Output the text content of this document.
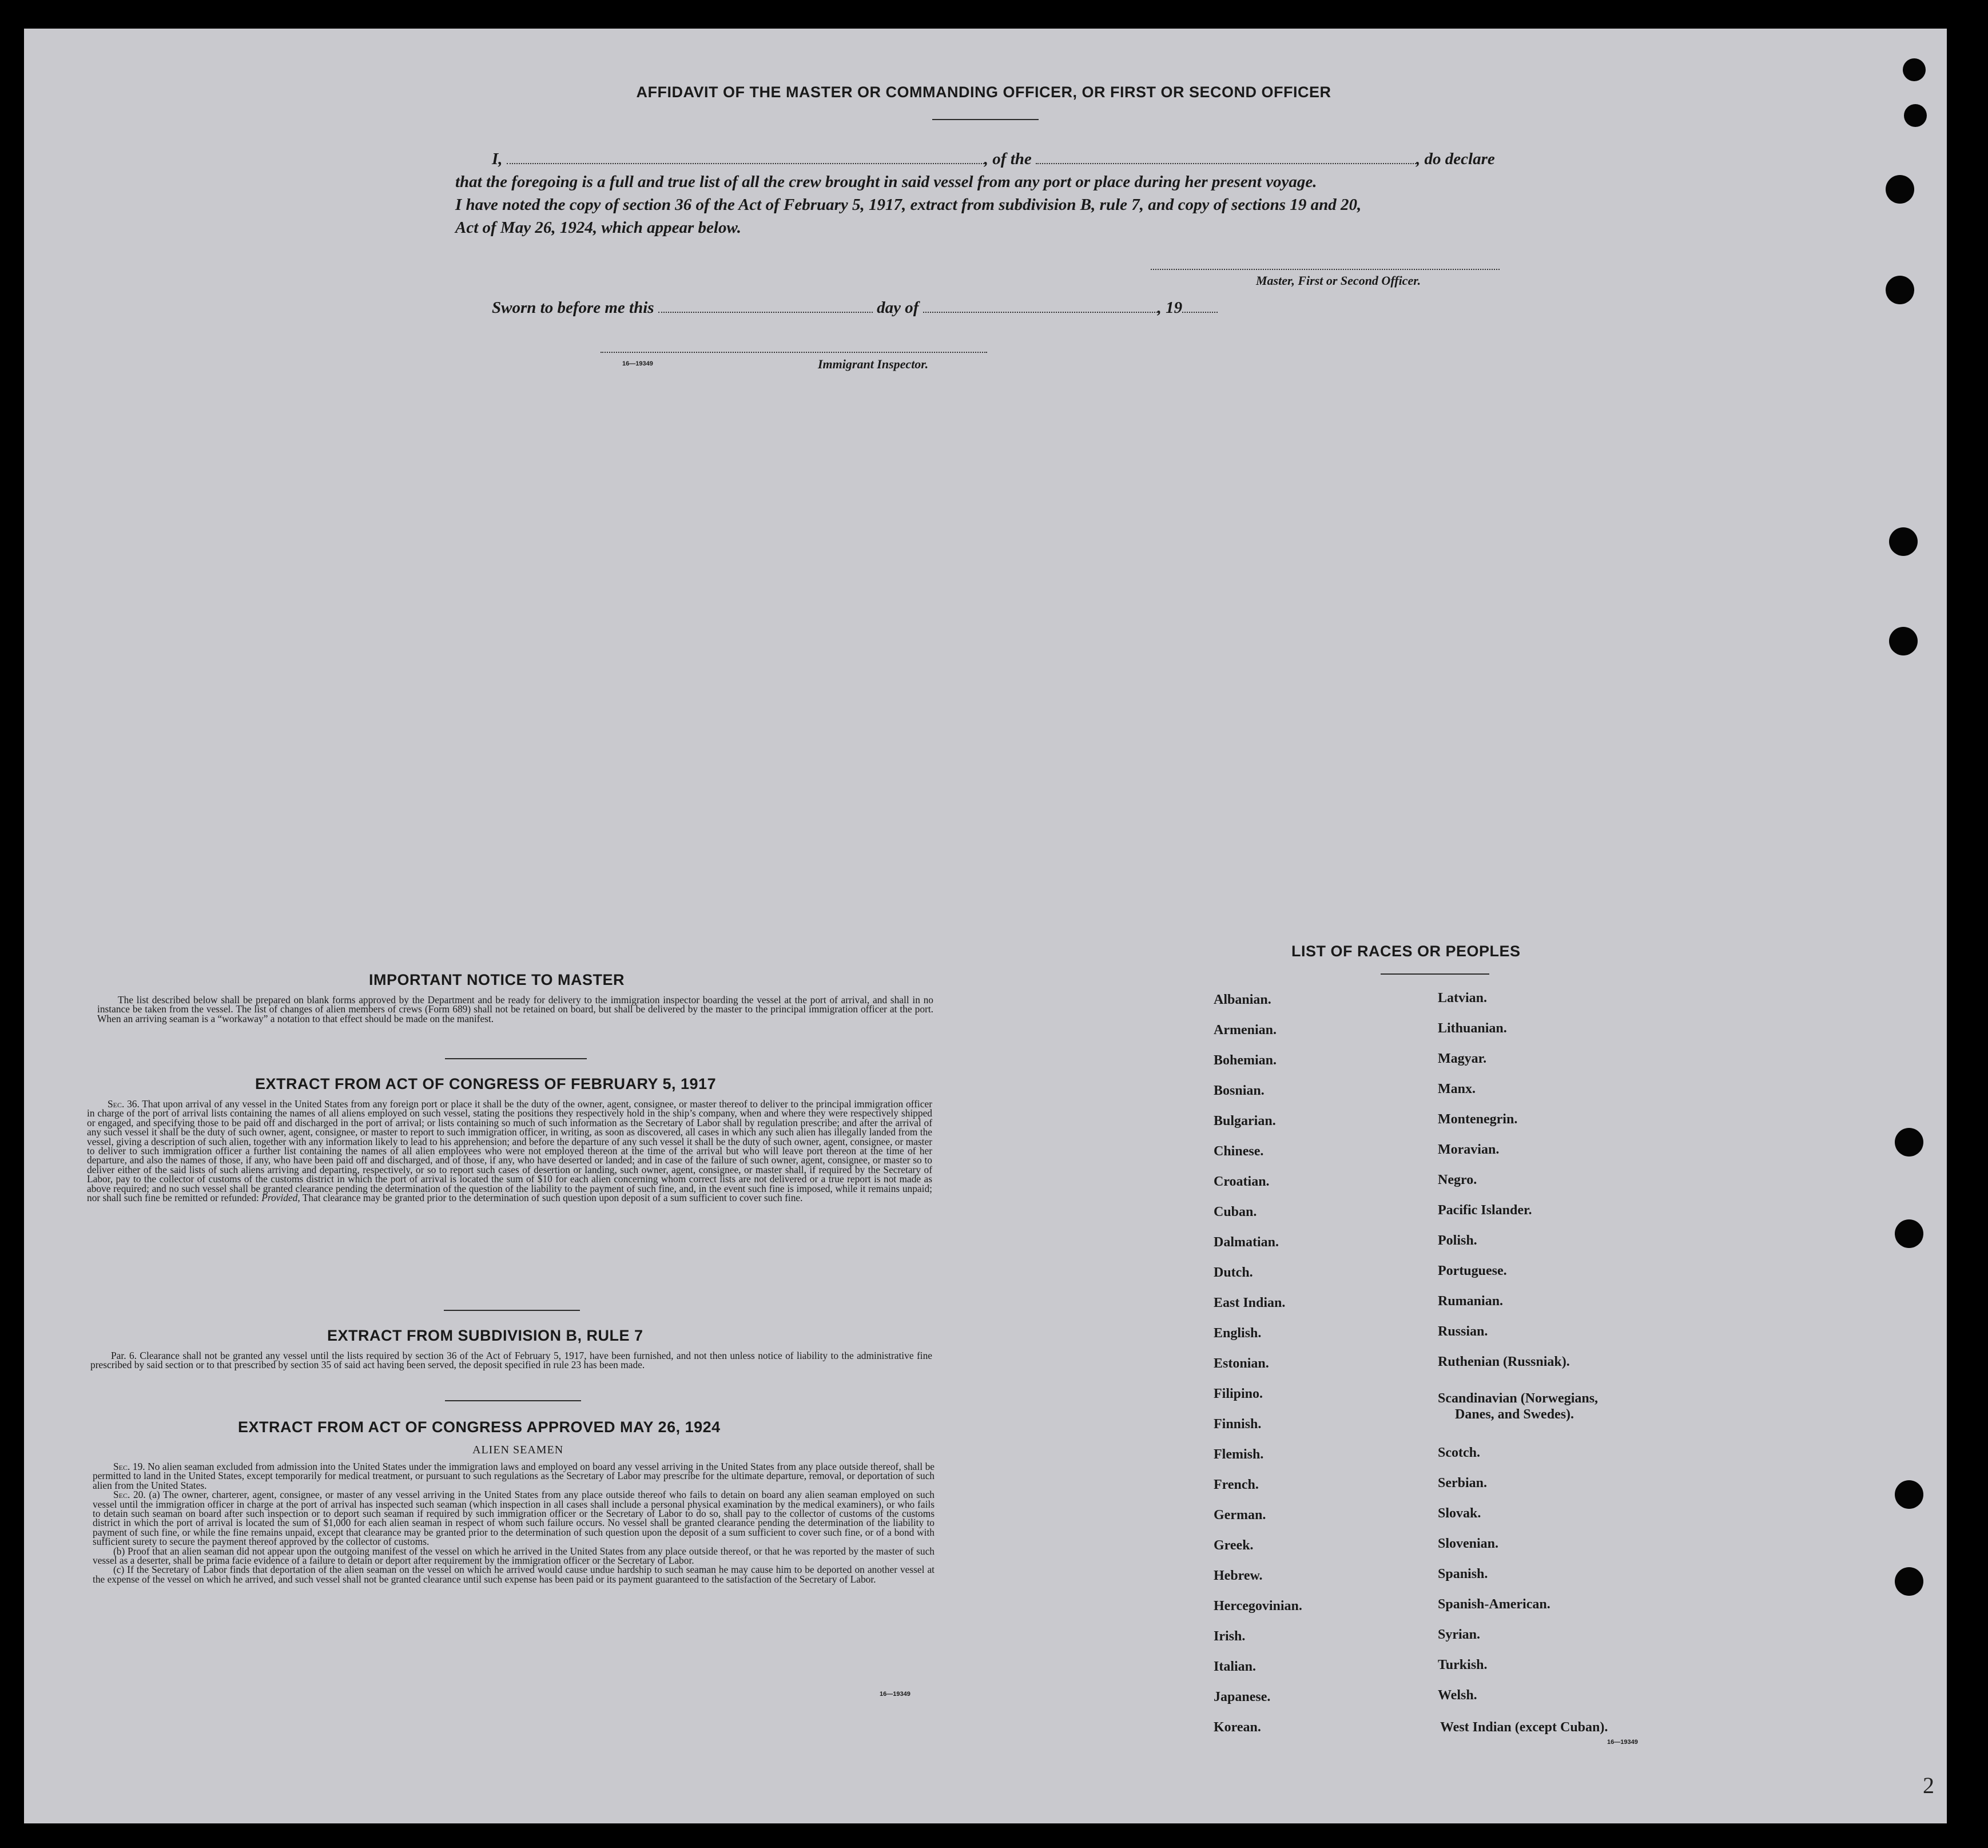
AFFIDAVIT OF THE MASTER OR COMMANDING OFFICER, OR FIRST OR SECOND OFFICER
I,	, of the	, do declare
that the foregoing is a full and true list of all the crew brought in said vessel from any port or place during her present voyage.
I have noted the copy of section 36 of the Act of February 5, 1917, extract from subdivision B, rule 7, and copy of sections 19 and 20,
Act of May 26, 1924, which appear below.
Master, First or Second Officer.
Sworn to before me this	day of	, 19
16—19349	Immigrant Inspector.
IMPORTANT NOTICE TO MASTER
The list described below shall be prepared on blank forms approved by the Department and be ready for delivery to the immigration inspector boarding the vessel at the port of arrival, and shall in no instance be taken from the vessel. The list of changes of alien members of crews (Form 689) shall not be retained on board, but shall be delivered by the master to the principal immigration officer at the port. When an arriving seaman is a “workaway” a notation to that effect should be made on the manifest.
EXTRACT FROM ACT OF CONGRESS OF FEBRUARY 5, 1917
Sec. 36. That upon arrival of any vessel in the United States from any foreign port or place it shall be the duty of the owner, agent, consignee, or master thereof to deliver to the principal immigration officer in charge of the port of arrival lists containing the names of all aliens employed on such vessel, stating the positions they respectively hold in the ship’s company, when and where they were respectively shipped or engaged, and specifying those to be paid off and discharged in the port of arrival; or lists containing so much of such information as the Secretary of Labor shall by regulation prescribe; and after the arrival of any such vessel it shall be the duty of such owner, agent, consignee, or master to report to such immigration officer, in writing, as soon as discovered, all cases in which any such alien has illegally landed from the vessel, giving a description of such alien, together with any information likely to lead to his apprehension; and before the departure of any such vessel it shall be the duty of such owner, agent, consignee, or master to deliver to such immigration officer a further list containing the names of all alien employees who were not employed thereon at the time of the arrival but who will leave port thereon at the time of her departure, and also the names of those, if any, who have been paid off and discharged, and of those, if any, who have deserted or landed; and in case of the failure of such owner, agent, consignee, or master so to deliver either of the said lists of such aliens arriving and departing, respectively, or so to report such cases of desertion or landing, such owner, agent, consignee, or master shall, if required by the Secretary of Labor, pay to the collector of customs of the customs district in which the port of arrival is located the sum of $10 for each alien concerning whom correct lists are not delivered or a true report is not made as above required; and no such vessel shall be granted clearance pending the determination of the question of the liability to the payment of such fine, and, in the event such fine is imposed, while it remains unpaid; nor shall such fine be remitted or refunded: Provided, That clearance may be granted prior to the determination of such question upon deposit of a sum sufficient to cover such fine.
EXTRACT FROM SUBDIVISION B, RULE 7
Par. 6. Clearance shall not be granted any vessel until the lists required by section 36 of the Act of February 5, 1917, have been furnished, and not then unless notice of liability to the administrative fine prescribed by said section or to that prescribed by section 35 of said act having been served, the deposit specified in rule 23 has been made.
EXTRACT FROM ACT OF CONGRESS APPROVED MAY 26, 1924
ALIEN SEAMEN

Sec. 19. No alien seaman excluded from admission into the United States under the immigration laws and employed on board any vessel arriving in the United States from any place outside thereof, shall be permitted to land in the United States, except temporarily for medical treatment, or pursuant to such regulations as the Secretary of Labor may prescribe for the ultimate departure, removal, or deportation of such alien from the United States.

Sec. 20. (a) The owner, charterer, agent, consignee, or master of any vessel arriving in the United States from any place outside thereof who fails to detain on board any alien seaman employed on such vessel until the immigration officer in charge at the port of arrival has inspected such seaman (which inspection in all cases shall include a personal physical examination by the medical examiners), or who fails to detain such seaman on board after such inspection or to deport such seaman if required by such immigration officer or the Secretary of Labor to do so, shall pay to the collector of customs of the customs district in which the port of arrival is located the sum of $1,000 for each alien seaman in respect of whom such failure occurs. No vessel shall be granted clearance pending the determination of the liability to payment of such fine, or while the fine remains unpaid, except that clearance may be granted prior to the determination of such question upon the deposit of a sum sufficient to cover such fine, or of a bond with sufficient surety to secure the payment thereof approved by the collector of customs.

(b) Proof that an alien seaman did not appear upon the outgoing manifest of the vessel on which he arrived in the United States from any place outside thereof, or that he was reported by the master of such vessel as a deserter, shall be prima facie evidence of a failure to detain or deport after requirement by the immigration officer or the Secretary of Labor.

(c) If the Secretary of Labor finds that deportation of the alien seaman on the vessel on which he arrived would cause undue hardship to such seaman he may cause him to be deported on another vessel at the expense of the vessel on which he arrived, and such vessel shall not be granted clearance until such expense has been paid or its payment guaranteed to the satisfaction of the Secretary of Labor.

16—19349
LIST OF RACES OR PEOPLES
Albanian.
Armenian.
Bohemian.
Bosnian.
Bulgarian.
Chinese.
Croatian.
Cuban.
Dalmatian.
Dutch.
East Indian.
English.
Estonian.
Filipino.
Finnish.
Flemish.
French.
German.
Greek.
Hebrew.
Hercegovinian.
Irish.
Italian.
Japanese.
Korean.
Latvian.
Lithuanian.
Magyar.
Manx.
Montenegrin.
Moravian.
Negro.
Pacific Islander.
Polish.
Portuguese.
Rumanian.
Russian.
Ruthenian (Russniak).
Scandinavian (Norwegians,
Danes, and Swedes).
Scotch.
Serbian.
Slovak.
Slovenian.
Spanish.
Spanish-American.
Syrian.
Turkish.
Welsh.
West Indian (except Cuban).
16—19349
2
